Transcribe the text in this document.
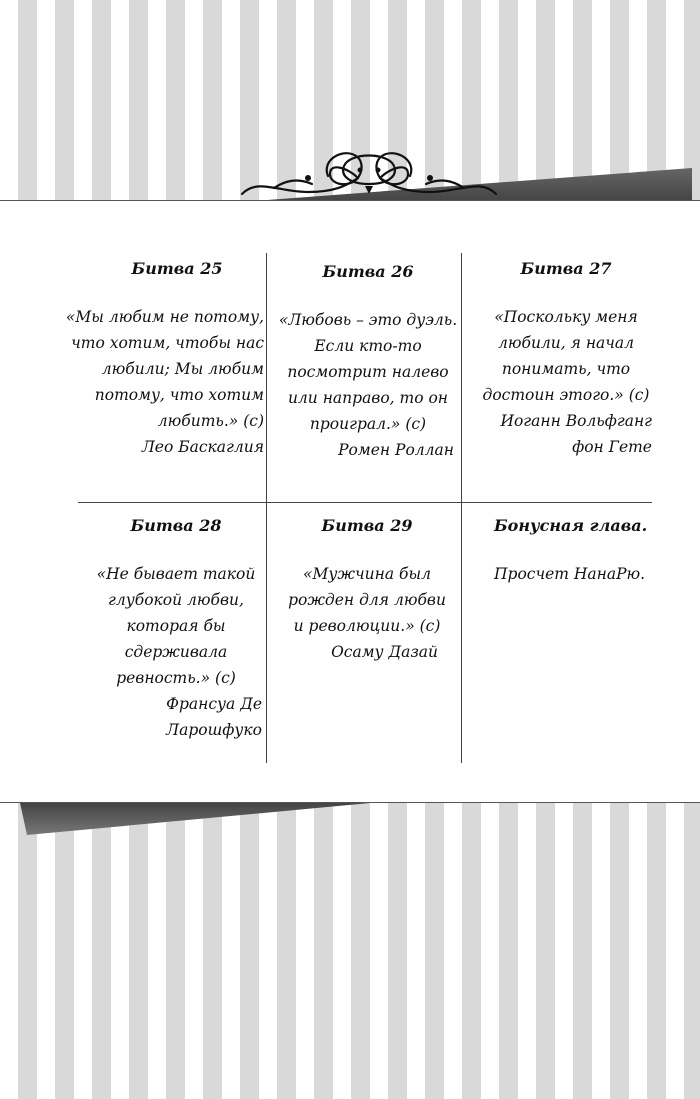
Битва 25
«Мы любим не потому,
что хотим, чтобы нас
любили; Мы любим
потому, что хотим
любить.» (с)
Лео Баскаглия
Битва 26
«Любовь – это дуэль.
Если кто-то
посмотрит налево
или направо, то он
проиграл.» (с)
Ромен Роллан
Битва 27
«Поскольку меня
любили, я начал
понимать, что
достоин этого.» (с)
Иоганн Вольфганг
фон Гете
Битва 28
«Не бывает такой
глубокой любви,
которая бы
сдерживала
ревность.» (с)
Франсуа Де
Ларошфуко
Битва 29
«Мужчина был
рожден для любви
и революции.» (с)
Осаму Дазай
Бонусная глава.
Просчет НанаРю.
